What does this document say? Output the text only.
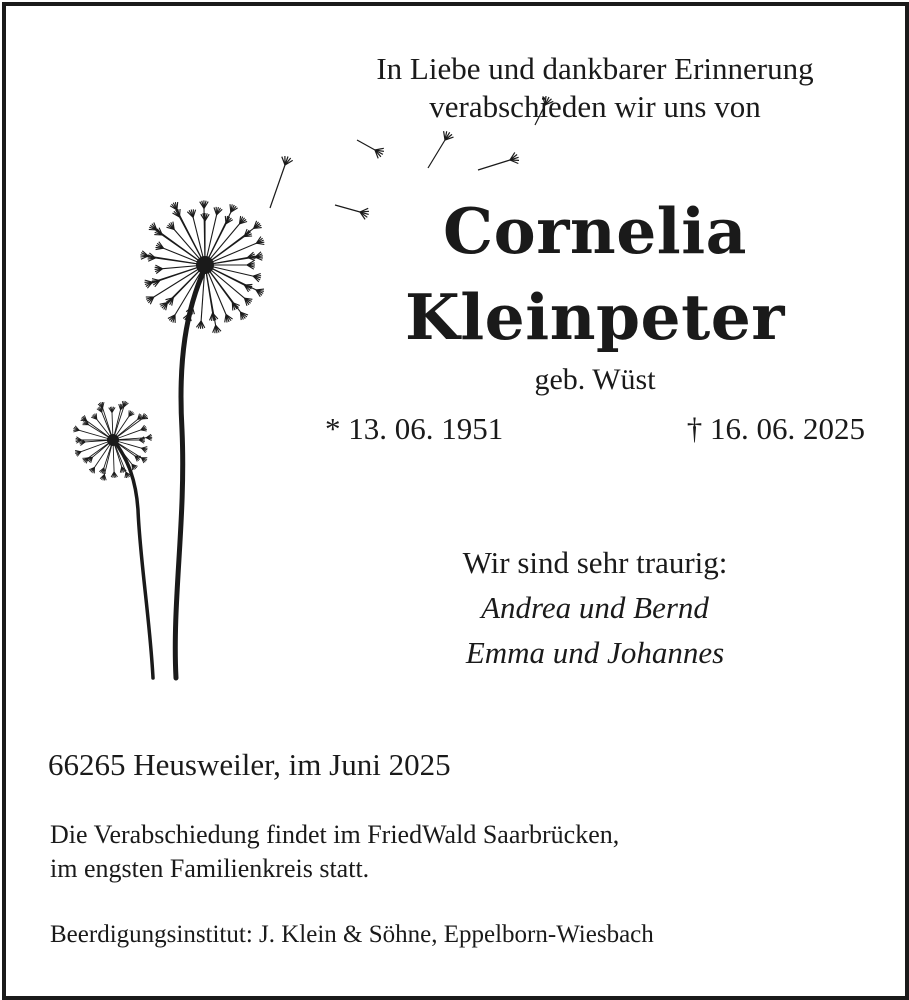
In Liebe und dankbarer Erinnerung
verabschieden wir uns von
Cornelia
Kleinpeter
geb. Wüst
* 13. 06. 1951	† 16. 06. 2025
Wir sind sehr traurig:
Andrea und Bernd
Emma und Johannes
66265 Heusweiler, im Juni 2025
Die Verabschiedung findet im FriedWald Saarbrücken,
im engsten Familienkreis statt.
Beerdigungsinstitut: J. Klein & Söhne, Eppelborn-Wiesbach
